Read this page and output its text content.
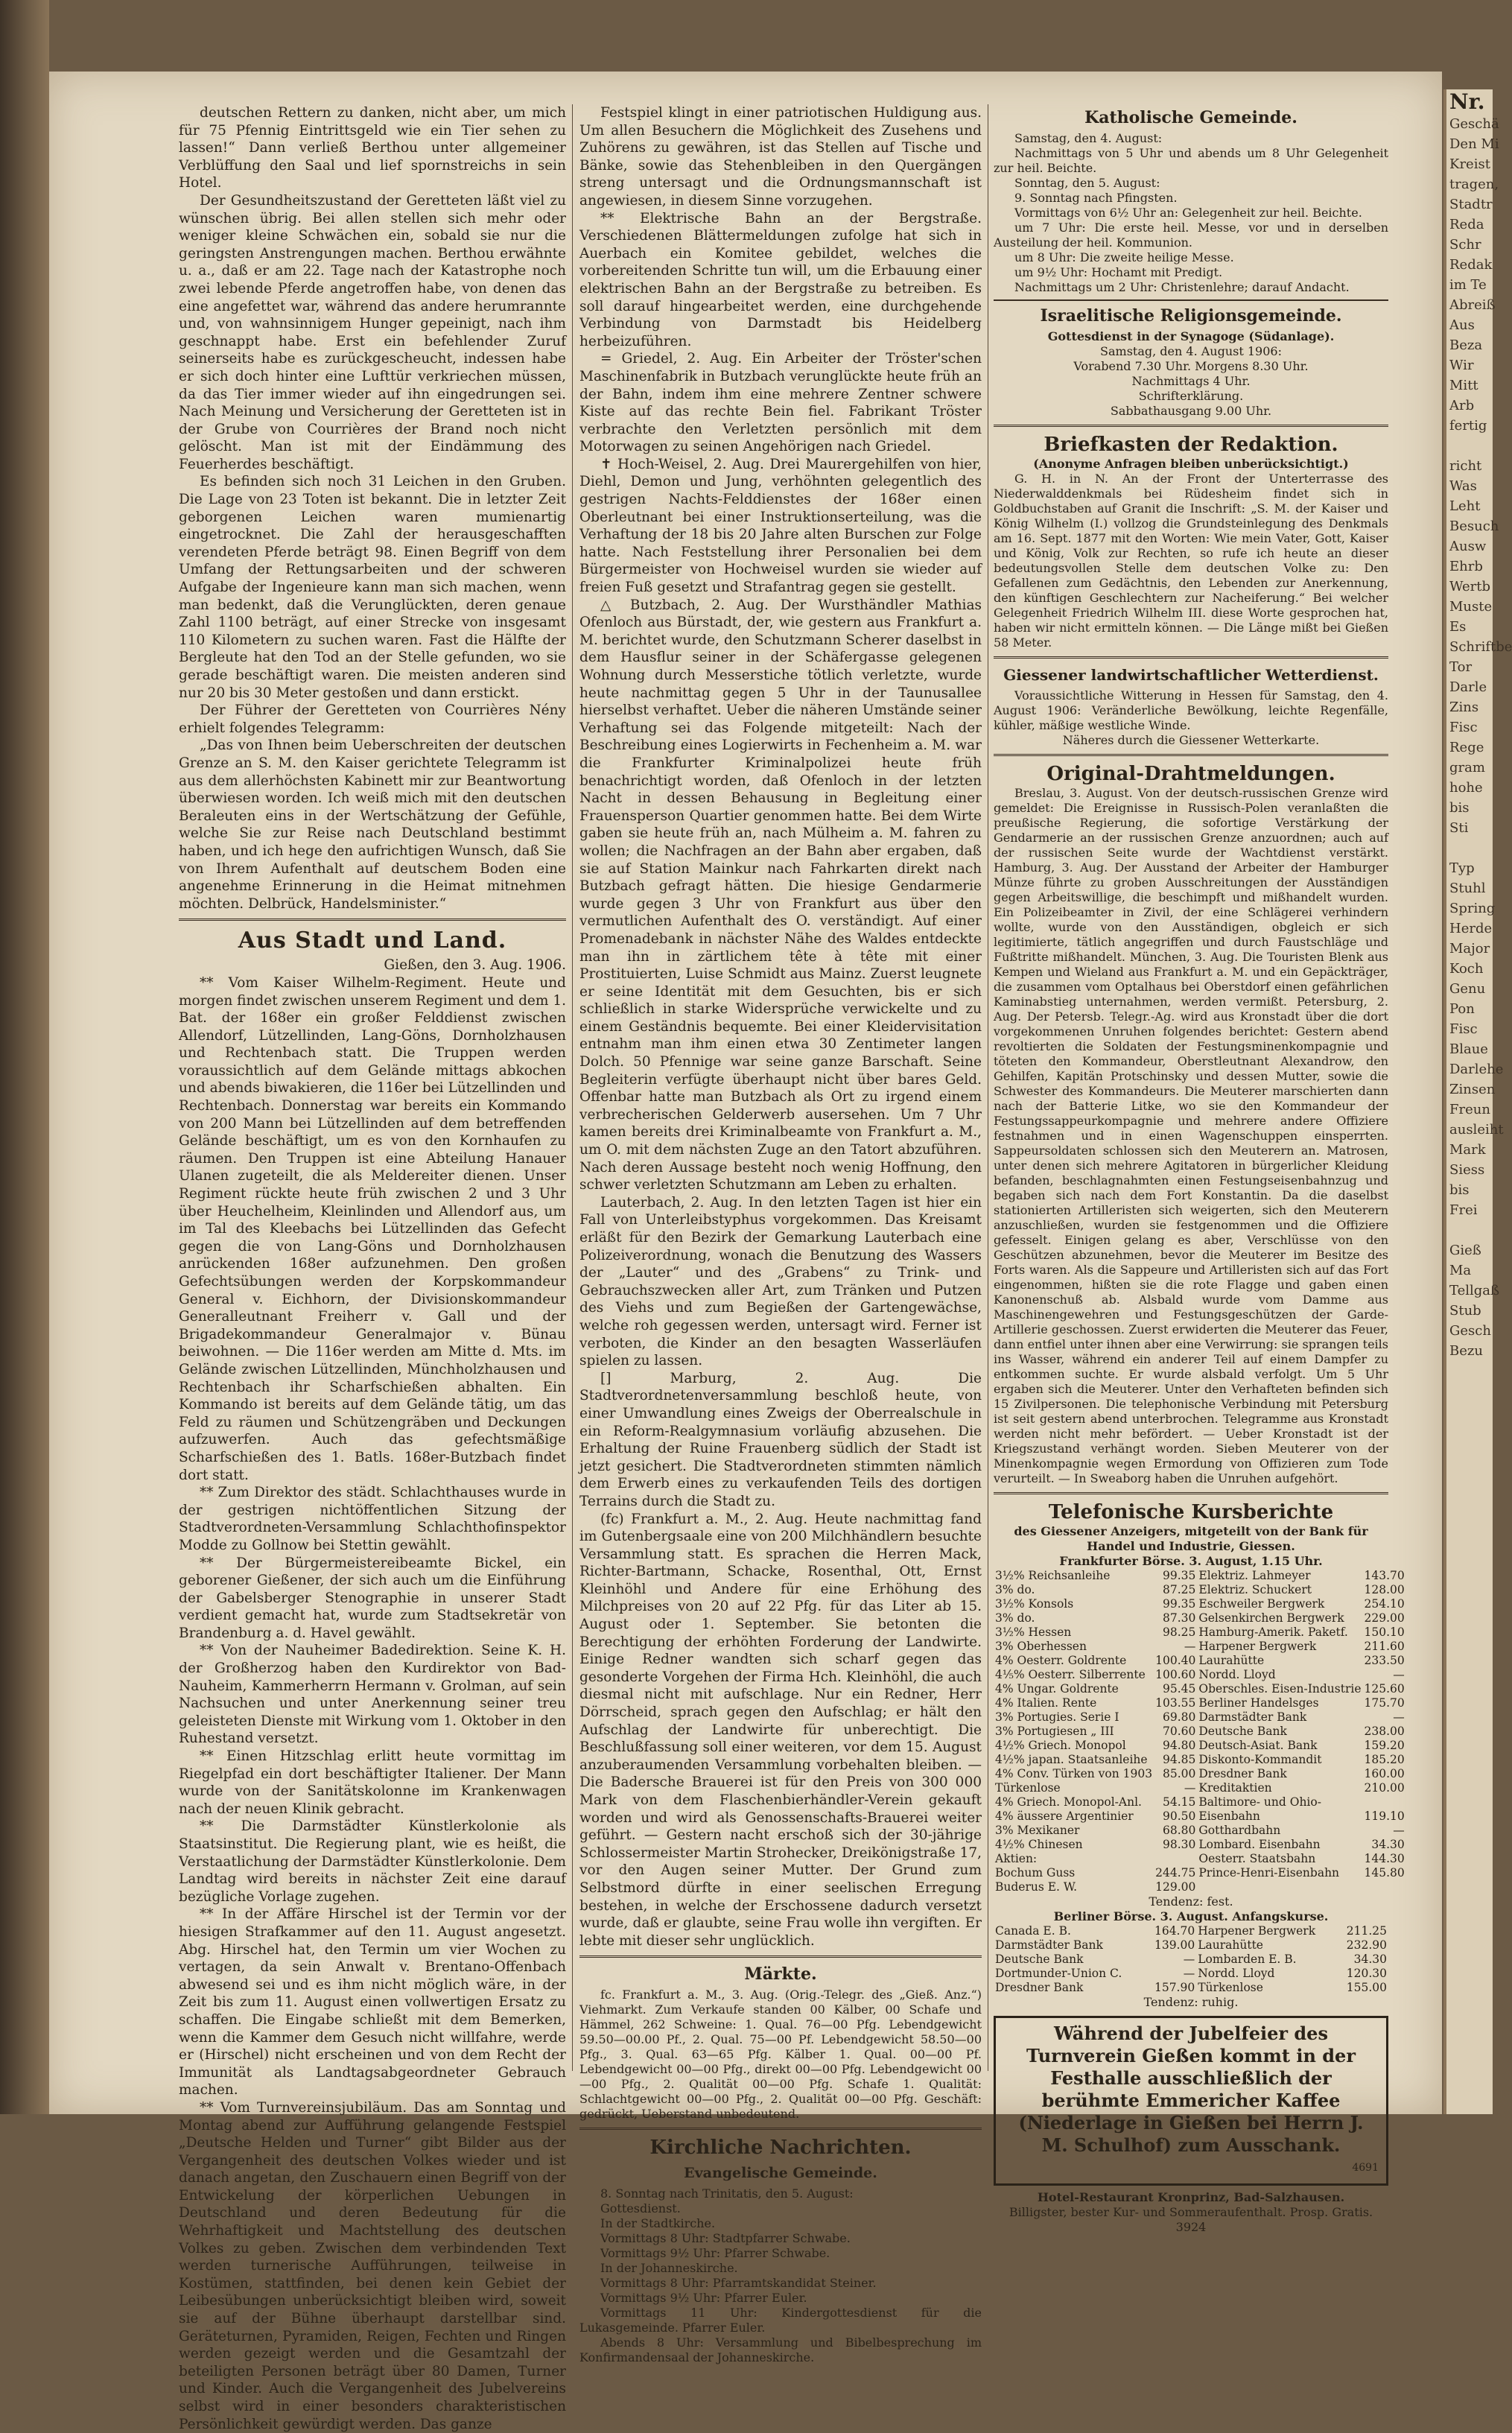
Nr.
Geschä
Den Mi
Kreist
tragen,
Stadtr
Reda
Schr
Redak
im Te
Abreiß
Aus
Beza
Wir
Mitt
Arb
fertig

richt
Was
Leht
Besuch
Ausw
Ehrb
Wertb
Muste
Es
Schriftbe
Tor
Darle
Zins
Fisc
Rege
gram
hohe
bis
Sti

Typ
Stuhl
Spring
Herde
Major
Koch
Genu
Pon
Fisc
Blaue
Darlehe
Zinsen
Freun
ausleiht
Mark
Siess
bis
Frei

Gieß
Ma
Tellgaß
Stub
Gesch
Bezu

deutschen Rettern zu danken, nicht aber, um mich für 75 Pfennig Eintrittsgeld wie ein Tier sehen zu lassen!“ Dann verließ Berthou unter allgemeiner Verblüffung den Saal und lief spornstreichs in sein Hotel.

Der Gesundheitszustand der Geretteten läßt viel zu wünschen übrig. Bei allen stellen sich mehr oder weniger kleine Schwächen ein, sobald sie nur die geringsten Anstrengungen machen. Berthou erwähnte u. a., daß er am 22. Tage nach der Katastrophe noch zwei lebende Pferde angetroffen habe, von denen das eine angefettet war, während das andere herumrannte und, von wahnsinnigem Hunger gepeinigt, nach ihm geschnappt habe. Erst ein befehlender Zuruf seinerseits habe es zurückgescheucht, indessen habe er sich doch hinter eine Lufttür verkriechen müssen, da das Tier immer wieder auf ihn eingedrungen sei. Nach Meinung und Versicherung der Geretteten ist in der Grube von Courrières der Brand noch nicht gelöscht. Man ist mit der Eindämmung des Feuerherdes beschäftigt.

Es befinden sich noch 31 Leichen in den Gruben. Die Lage von 23 Toten ist bekannt. Die in letzter Zeit geborgenen Leichen waren mumienartig eingetrocknet. Die Zahl der herausgeschafften verendeten Pferde beträgt 98. Einen Begriff von dem Umfang der Rettungsarbeiten und der schweren Aufgabe der Ingenieure kann man sich machen, wenn man bedenkt, daß die Verunglückten, deren genaue Zahl 1100 beträgt, auf einer Strecke von insgesamt 110 Kilometern zu suchen waren. Fast die Hälfte der Bergleute hat den Tod an der Stelle gefunden, wo sie gerade beschäftigt waren. Die meisten anderen sind nur 20 bis 30 Meter gestoßen und dann erstickt.

Der Führer der Geretteten von Courrières Nény erhielt folgendes Telegramm:

„Das von Ihnen beim Ueberschreiten der deutschen Grenze an S. M. den Kaiser gerichtete Telegramm ist aus dem allerhöchsten Kabinett mir zur Beantwortung überwiesen worden. Ich weiß mich mit den deutschen Beraleuten eins in der Wertschätzung der Gefühle, welche Sie zur Reise nach Deutschland bestimmt haben, und ich hege den aufrichtigen Wunsch, daß Sie von Ihrem Aufenthalt auf deutschem Boden eine angenehme Erinnerung in die Heimat mitnehmen möchten. Delbrück, Handelsminister.“

Aus Stadt und Land.

Gießen, den 3. Aug. 1906.

** Vom Kaiser Wilhelm-Regiment. Heute und morgen findet zwischen unserem Regiment und dem 1. Bat. der 168er ein großer Felddienst zwischen Allendorf, Lützellinden, Lang-Göns, Dornholzhausen und Rechtenbach statt. Die Truppen werden voraussichtlich auf dem Gelände mittags abkochen und abends biwakieren, die 116er bei Lützellinden und Rechtenbach. Donnerstag war bereits ein Kommando von 200 Mann bei Lützellinden auf dem betreffenden Gelände beschäftigt, um es von den Kornhaufen zu räumen. Den Truppen ist eine Abteilung Hanauer Ulanen zugeteilt, die als Meldereiter dienen. Unser Regiment rückte heute früh zwischen 2 und 3 Uhr über Heuchelheim, Kleinlinden und Allendorf aus, um im Tal des Kleebachs bei Lützellinden das Gefecht gegen die von Lang-Göns und Dornholzhausen anrückenden 168er aufzunehmen. Den großen Gefechtsübungen werden der Korpskommandeur General v. Eichhorn, der Divisionskommandeur Generalleutnant Freiherr v. Gall und der Brigadekommandeur Generalmajor v. Bünau beiwohnen. — Die 116er werden am Mitte d. Mts. im Gelände zwischen Lützellinden, Münchholzhausen und Rechtenbach ihr Scharfschießen abhalten. Ein Kommando ist bereits auf dem Gelände tätig, um das Feld zu räumen und Schützengräben und Deckungen aufzuwerfen. Auch das gefechtsmäßige Scharfschießen des 1. Batls. 168er-Butzbach findet dort statt.

** Zum Direktor des städt. Schlachthauses wurde in der gestrigen nichtöffentlichen Sitzung der Stadtverordneten-Versammlung Schlachthofinspektor Modde zu Gollnow bei Stettin gewählt.

** Der Bürgermeistereibeamte Bickel, ein geborener Gießener, der sich auch um die Einführung der Gabelsberger Stenographie in unserer Stadt verdient gemacht hat, wurde zum Stadtsekretär von Brandenburg a. d. Havel gewählt.

** Von der Nauheimer Badedirektion. Seine K. H. der Großherzog haben den Kurdirektor von Bad-Nauheim, Kammerherrn Hermann v. Grolman, auf sein Nachsuchen und unter Anerkennung seiner treu geleisteten Dienste mit Wirkung vom 1. Oktober in den Ruhestand versetzt.

** Einen Hitzschlag erlitt heute vormittag im Riegelpfad ein dort beschäftigter Italiener. Der Mann wurde von der Sanitätskolonne im Krankenwagen nach der neuen Klinik gebracht.

** Die Darmstädter Künstlerkolonie als Staatsinstitut. Die Regierung plant, wie es heißt, die Verstaatlichung der Darmstädter Künstlerkolonie. Dem Landtag wird bereits in nächster Zeit eine darauf bezügliche Vorlage zugehen.

** In der Affäre Hirschel ist der Termin vor der hiesigen Strafkammer auf den 11. August angesetzt. Abg. Hirschel hat, den Termin um vier Wochen zu vertagen, da sein Anwalt v. Brentano-Offenbach abwesend sei und es ihm nicht möglich wäre, in der Zeit bis zum 11. August einen vollwertigen Ersatz zu schaffen. Die Eingabe schließt mit dem Bemerken, wenn die Kammer dem Gesuch nicht willfahre, werde er (Hirschel) nicht erscheinen und von dem Recht der Immunität als Landtagsabgeordneter Gebrauch machen.

** Vom Turnvereinsjubiläum. Das am Sonntag und Montag abend zur Aufführung gelangende Festspiel „Deutsche Helden und Turner“ gibt Bilder aus der Vergangenheit des deutschen Volkes wieder und ist danach angetan, den Zuschauern einen Begriff von der Entwickelung der körperlichen Uebungen in Deutschland und deren Bedeutung für die Wehrhaftigkeit und Machtstellung des deutschen Volkes zu geben. Zwischen dem verbindenden Text werden turnerische Aufführungen, teilweise in Kostümen, stattfinden, bei denen kein Gebiet der Leibesübungen unberücksichtigt bleiben wird, soweit sie auf der Bühne überhaupt darstellbar sind. Geräteturnen, Pyramiden, Reigen, Fechten und Ringen werden gezeigt werden und die Gesamtzahl der beteiligten Personen beträgt über 80 Damen, Turner und Kinder. Auch die Vergangenheit des Jubelvereins selbst wird in einer besonders charakteristischen Persönlichkeit gewürdigt werden. Das ganze

Festspiel klingt in einer patriotischen Huldigung aus. Um allen Besuchern die Möglichkeit des Zusehens und Zuhörens zu gewähren, ist das Stellen auf Tische und Bänke, sowie das Stehenbleiben in den Quergängen streng untersagt und die Ordnungsmannschaft ist angewiesen, in diesem Sinne vorzugehen.

** Elektrische Bahn an der Bergstraße. Verschiedenen Blättermeldungen zufolge hat sich in Auerbach ein Komitee gebildet, welches die vorbereitenden Schritte tun will, um die Erbauung einer elektrischen Bahn an der Bergstraße zu betreiben. Es soll darauf hingearbeitet werden, eine durchgehende Verbindung von Darmstadt bis Heidelberg herbeizuführen.

= Griedel, 2. Aug. Ein Arbeiter der Tröster'schen Maschinenfabrik in Butzbach verunglückte heute früh an der Bahn, indem ihm eine mehrere Zentner schwere Kiste auf das rechte Bein fiel. Fabrikant Tröster verbrachte den Verletzten persönlich mit dem Motorwagen zu seinen Angehörigen nach Griedel.

✝ Hoch-Weisel, 2. Aug. Drei Maurergehilfen von hier, Diehl, Demon und Jung, verhöhnten gelegentlich des gestrigen Nachts-Felddienstes der 168er einen Oberleutnant bei einer Instruktionserteilung, was die Verhaftung der 18 bis 20 Jahre alten Burschen zur Folge hatte. Nach Feststellung ihrer Personalien bei dem Bürgermeister von Hochweisel wurden sie wieder auf freien Fuß gesetzt und Strafantrag gegen sie gestellt.

△ Butzbach, 2. Aug. Der Wursthändler Mathias Ofenloch aus Bürstadt, der, wie gestern aus Frankfurt a. M. berichtet wurde, den Schutzmann Scherer daselbst in dem Hausflur seiner in der Schäfergasse gelegenen Wohnung durch Messerstiche tötlich verletzte, wurde heute nachmittag gegen 5 Uhr in der Taunusallee hierselbst verhaftet. Ueber die näheren Umstände seiner Verhaftung sei das Folgende mitgeteilt: Nach der Beschreibung eines Logierwirts in Fechenheim a. M. war die Frankfurter Kriminalpolizei heute früh benachrichtigt worden, daß Ofenloch in der letzten Nacht in dessen Behausung in Begleitung einer Frauensperson Quartier genommen hatte. Bei dem Wirte gaben sie heute früh an, nach Mülheim a. M. fahren zu wollen; die Nachfragen an der Bahn aber ergaben, daß sie auf Station Mainkur nach Fahrkarten direkt nach Butzbach gefragt hätten. Die hiesige Gendarmerie wurde gegen 3 Uhr von Frankfurt aus über den vermutlichen Aufenthalt des O. verständigt. Auf einer Promenadebank in nächster Nähe des Waldes entdeckte man ihn in zärtlichem tête à tête mit einer Prostituierten, Luise Schmidt aus Mainz. Zuerst leugnete er seine Identität mit dem Gesuchten, bis er sich schließlich in starke Widersprüche verwickelte und zu einem Geständnis bequemte. Bei einer Kleidervisitation entnahm man ihm einen etwa 30 Zentimeter langen Dolch. 50 Pfennige war seine ganze Barschaft. Seine Begleiterin verfügte überhaupt nicht über bares Geld. Offenbar hatte man Butzbach als Ort zu irgend einem verbrecherischen Gelderwerb ausersehen. Um 7 Uhr kamen bereits drei Kriminalbeamte von Frankfurt a. M., um O. mit dem nächsten Zuge an den Tatort abzuführen. Nach deren Aussage besteht noch wenig Hoffnung, den schwer verletzten Schutzmann am Leben zu erhalten.

Lauterbach, 2. Aug. In den letzten Tagen ist hier ein Fall von Unterleibstyphus vorgekommen. Das Kreisamt erläßt für den Bezirk der Gemarkung Lauterbach eine Polizeiverordnung, wonach die Benutzung des Wassers der „Lauter“ und des „Grabens“ zu Trink- und Gebrauchszwecken aller Art, zum Tränken und Putzen des Viehs und zum Begießen der Gartengewächse, welche roh gegessen werden, untersagt wird. Ferner ist verboten, die Kinder an den besagten Wasserläufen spielen zu lassen.

[] Marburg, 2. Aug. Die Stadtverordnetenversammlung beschloß heute, von einer Umwandlung eines Zweigs der Oberrealschule in ein Reform-Realgymnasium vorläufig abzusehen. Die Erhaltung der Ruine Frauenberg südlich der Stadt ist jetzt gesichert. Die Stadtverordneten stimmten nämlich dem Erwerb eines zu verkaufenden Teils des dortigen Terrains durch die Stadt zu.

(fc) Frankfurt a. M., 2. Aug. Heute nachmittag fand im Gutenbergsaale eine von 200 Milchhändlern besuchte Versammlung statt. Es sprachen die Herren Mack, Richter-Bartmann, Schacke, Rosenthal, Ott, Ernst Kleinhöhl und Andere für eine Erhöhung des Milchpreises von 20 auf 22 Pfg. für das Liter ab 15. August oder 1. September. Sie betonten die Berechtigung der erhöhten Forderung der Landwirte. Einige Redner wandten sich scharf gegen das gesonderte Vorgehen der Firma Hch. Kleinhöhl, die auch diesmal nicht mit aufschlage. Nur ein Redner, Herr Dörrscheid, sprach gegen den Aufschlag; er hält den Aufschlag der Landwirte für unberechtigt. Die Beschlußfassung soll einer weiteren, vor dem 15. August anzuberaumenden Versammlung vorbehalten bleiben. — Die Badersche Brauerei ist für den Preis von 300 000 Mark von dem Flaschenbierhändler-Verein gekauft worden und wird als Genossenschafts-Brauerei weiter geführt. — Gestern nacht erschoß sich der 30-jährige Schlossermeister Martin Strohecker, Dreikönigstraße 17, vor den Augen seiner Mutter. Der Grund zum Selbstmord dürfte in einer seelischen Erregung bestehen, in welche der Erschossene dadurch versetzt wurde, daß er glaubte, seine Frau wolle ihn vergiften. Er lebte mit dieser sehr unglücklich.

Märkte.

fc. Frankfurt a. M., 3. Aug. (Orig.-Telegr. des „Gieß. Anz.“) Viehmarkt. Zum Verkaufe standen 00 Kälber, 00 Schafe und Hämmel, 262 Schweine: 1. Qual. 76—00 Pfg. Lebendgewicht 59.50—00.00 Pf., 2. Qual. 75—00 Pf. Lebendgewicht 58.50—00 Pfg., 3. Qual. 63—65 Pfg. Kälber 1. Qual. 00—00 Pf. Lebendgewicht 00—00 Pfg., direkt 00—00 Pfg. Lebendgewicht 00—00 Pfg., 2. Qualität 00—00 Pfg. Schafe 1. Qualität: Schlachtgewicht 00—00 Pfg., 2. Qualität 00—00 Pfg. Geschäft: gedrückt, Ueberstand unbedeutend.

Kirchliche Nachrichten.
Evangelische Gemeinde.

8. Sonntag nach Trinitatis, den 5. August:

Gottesdienst.

In der Stadtkirche.

Vormittags 8 Uhr: Stadtpfarrer Schwabe.

Vormittags 9½ Uhr: Pfarrer Schwabe.

In der Johanneskirche.

Vormittags 8 Uhr: Pfarramtskandidat Steiner.

Vormittags 9½ Uhr: Pfarrer Euler.

Vormittags 11 Uhr: Kindergottesdienst für die Lukasgemeinde. Pfarrer Euler.

Abends 8 Uhr: Versammlung und Bibelbesprechung im Konfirmandensaal der Johanneskirche.

Katholische Gemeinde.

Samstag, den 4. August:

Nachmittags von 5 Uhr und abends um 8 Uhr Gelegenheit zur heil. Beichte.

Sonntag, den 5. August:

9. Sonntag nach Pfingsten.

Vormittags von 6½ Uhr an: Gelegenheit zur heil. Beichte.

um 7 Uhr: Die erste heil. Messe, vor und in derselben Austeilung der heil. Kommunion.

um 8 Uhr: Die zweite heilige Messe.

um 9½ Uhr: Hochamt mit Predigt.

Nachmittags um 2 Uhr: Christenlehre; darauf Andacht.

Israelitische Religionsgemeinde.

Gottesdienst in der Synagoge (Südanlage).

Samstag, den 4. August 1906:

Vorabend 7.30 Uhr. Morgens 8.30 Uhr.

Nachmittags 4 Uhr.

Schrifterklärung.

Sabbathausgang 9.00 Uhr.

Briefkasten der Redaktion.

(Anonyme Anfragen bleiben unberücksichtigt.)

G. H. in N. An der Front der Unterterrasse des Niederwalddenkmals bei Rüdesheim findet sich in Goldbuchstaben auf Granit die Inschrift: „S. M. der Kaiser und König Wilhelm (I.) vollzog die Grundsteinlegung des Denkmals am 16. Sept. 1877 mit den Worten: Wie mein Vater, Gott, Kaiser und König, Volk zur Rechten, so rufe ich heute an dieser bedeutungsvollen Stelle dem deutschen Volke zu: Den Gefallenen zum Gedächtnis, den Lebenden zur Anerkennung, den künftigen Geschlechtern zur Nacheiferung.“ Bei welcher Gelegenheit Friedrich Wilhelm III. diese Worte gesprochen hat, haben wir nicht ermitteln können. — Die Länge mißt bei Gießen 58 Meter.

Giessener landwirtschaftlicher Wetterdienst.

Voraussichtliche Witterung in Hessen für Samstag, den 4. August 1906: Veränderliche Bewölkung, leichte Regenfälle, kühler, mäßige westliche Winde.

Näheres durch die Giessener Wetterkarte.

Original-Drahtmeldungen.

Breslau, 3. August. Von der deutsch-russischen Grenze wird gemeldet: Die Ereignisse in Russisch-Polen veranlaßten die preußische Regierung, die sofortige Verstärkung der Gendarmerie an der russischen Grenze anzuordnen; auch auf der russischen Seite wurde der Wachtdienst verstärkt. Hamburg, 3. Aug. Der Ausstand der Arbeiter der Hamburger Münze führte zu groben Ausschreitungen der Ausständigen gegen Arbeitswillige, die beschimpft und mißhandelt wurden. Ein Polizeibeamter in Zivil, der eine Schlägerei verhindern wollte, wurde von den Ausständigen, obgleich er sich legitimierte, tätlich angegriffen und durch Faustschläge und Fußtritte mißhandelt. München, 3. Aug. Die Touristen Blenk aus Kempen und Wieland aus Frankfurt a. M. und ein Gepäckträger, die zusammen vom Optalhaus bei Oberstdorf einen gefährlichen Kaminabstieg unternahmen, werden vermißt. Petersburg, 2. Aug. Der Petersb. Telegr.-Ag. wird aus Kronstadt über die dort vorgekommenen Unruhen folgendes berichtet: Gestern abend revoltierten die Soldaten der Festungsminenkompagnie und töteten den Kommandeur, Oberstleutnant Alexandrow, den Gehilfen, Kapitän Protschinsky und dessen Mutter, sowie die Schwester des Kommandeurs. Die Meuterer marschierten dann nach der Batterie Litke, wo sie den Kommandeur der Festungssappeurkompagnie und mehrere andere Offiziere festnahmen und in einen Wagenschuppen einsperrten. Sappeursoldaten schlossen sich den Meuterern an. Matrosen, unter denen sich mehrere Agitatoren in bürgerlicher Kleidung befanden, beschlagnahmten einen Festungseisenbahnzug und begaben sich nach dem Fort Konstantin. Da die daselbst stationierten Artilleristen sich weigerten, sich den Meuterern anzuschließen, wurden sie festgenommen und die Offiziere gefesselt. Einigen gelang es aber, Verschlüsse von den Geschützen abzunehmen, bevor die Meuterer im Besitze des Forts waren. Als die Sappeure und Artilleristen sich auf das Fort eingenommen, hißten sie die rote Flagge und gaben einen Kanonenschuß ab. Alsbald wurde vom Damme aus Maschinengewehren und Festungsgeschützen der Garde-Artillerie geschossen. Zuerst erwiderten die Meuterer das Feuer, dann entfiel unter ihnen aber eine Verwirrung: sie sprangen teils ins Wasser, während ein anderer Teil auf einem Dampfer zu entkommen suchte. Er wurde alsbald verfolgt. Um 5 Uhr ergaben sich die Meuterer. Unter den Verhafteten befinden sich 15 Zivilpersonen. Die telephonische Verbindung mit Petersburg ist seit gestern abend unterbrochen. Telegramme aus Kronstadt werden nicht mehr befördert. — Ueber Kronstadt ist der Kriegszustand verhängt worden. Sieben Meuterer von der Minenkompagnie wegen Ermordung von Offizieren zum Tode verurteilt. — In Sweaborg haben die Unruhen aufgehört.

Telefonische Kursberichte

des Giessener Anzeigers, mitgeteilt von der Bank für Handel und Industrie, Giessen.

Frankfurter Börse. 3. August, 1.15 Uhr.

3½% Reichsanleihe	99.35	Elektriz. Lahmeyer	143.70
3% do.	87.25	Elektriz. Schuckert	128.00
3½% Konsols	99.35	Eschweiler Bergwerk	254.10
3% do.	87.30	Gelsenkirchen Bergwerk	229.00
3½% Hessen	98.25	Hamburg-Amerik. Paketf.	150.10
3% Oberhessen	—	Harpener Bergwerk	211.60
4% Oesterr. Goldrente	100.40	Laurahütte	233.50
4⅕% Oesterr. Silberrente	100.60	Nordd. Lloyd	—
4% Ungar. Goldrente	95.45	Oberschles. Eisen-Industrie	125.60
4% Italien. Rente	103.55	Berliner Handelsges	175.70
3% Portugies. Serie I	69.80	Darmstädter Bank	—
3% Portugiesen „ III	70.60	Deutsche Bank	238.00
4½% Griech. Monopol	94.80	Deutsch-Asiat. Bank	159.20
4½% japan. Staatsanleihe	94.85	Diskonto-Kommandit	185.20
4% Conv. Türken von 1903	85.00	Dresdner Bank	160.00
Türkenlose	—	Kreditaktien	210.00
4% Griech. Monopol-Anl.	54.15	Baltimore- und Ohio-	
4% äussere Argentinier	90.50	Eisenbahn	119.10
3% Mexikaner	68.80	Gotthardbahn	—
4½% Chinesen	98.30	Lombard. Eisenbahn	34.30
Aktien:		Oesterr. Staatsbahn	144.30
Bochum Guss	244.75	Prince-Henri-Eisenbahn	145.80
Buderus E. W.	129.00		

Tendenz: fest.

Berliner Börse. 3. August. Anfangskurse.

Canada E. B.	164.70	Harpener Bergwerk	211.25
Darmstädter Bank	139.00	Laurahütte	232.90
Deutsche Bank	—	Lombarden E. B.	34.30
Dortmunder-Union C.	—	Nordd. Lloyd	120.30
Dresdner Bank	157.90	Türkenlose	155.00

Tendenz: ruhig.

Während der Jubelfeier des Turnverein Gießen kommt in der Festhalle ausschließlich der berühmte Emmericher Kaffee (Niederlage in Gießen bei Herrn J. M. Schulhof) zum Ausschank.
4691

Hotel-Restaurant Kronprinz, Bad-Salzhausen.

Billigster, bester Kur- und Sommeraufenthalt. Prosp. Gratis. 3924
